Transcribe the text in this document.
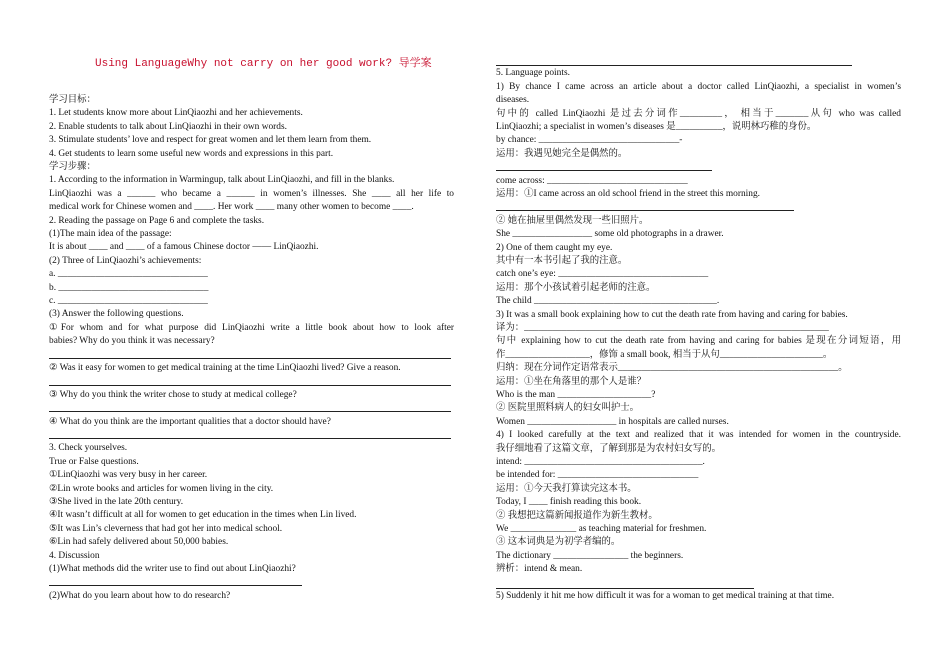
Using LanguageWhy not carry on her good work? 导学案
学习目标：
1. Let students know more about LinQiaozhi and her achievements.
2. Enable students to talk about LinQiaozhi in their own words.
3. Stimulate students’ love and respect for great women and let them learn from them.
4. Get students to learn some useful new words and expressions in this part.
学习步骤：
1. According to the information in Warmingup, talk about LinQiaozhi, and fill in the blanks.
LinQiaozhi was a ______ who became a ______ in women’s illnesses. She ____ all her life to
medical work for Chinese women and ____. Her work ____ many other women to become ____.
2. Reading the passage on Page 6 and complete the tasks.
(1)The main idea of the passage:
It is about ____ and ____ of a famous Chinese doctor —— LinQiaozhi.
(2) Three of LinQiaozhi’s achievements:
a. ________________________________
b. ________________________________
c. ________________________________
(3) Answer the following questions.
①For whom and for what purpose did LinQiaozhi write a little book about how to look after
babies? Why do you think it was necessary?
② Was it easy for women to get medical training at the time LinQiaozhi lived? Give a reason.
③ Why do you think the writer chose to study at medical college?
④ What do you think are the important qualities that a doctor should have?
3. Check yourselves.
True or False questions.
①LinQiaozhi was very busy in her career.
②Lin wrote books and articles for women living in the city.
③She lived in the late 20th century.
④It wasn’t difficult at all for women to get education in the times when Lin lived.
⑤It was Lin’s cleverness that had got her into medical school.
⑥Lin had safely delivered about 50,000 babies.
4. Discussion
(1)What methods did the writer use to find out about LinQiaozhi?
(2)What do you learn about how to do research?
5. Language points.
1) By chance I came across an article about a doctor called LinQiaozhi, a specialist in women’s
diseases.
句中的 called LinQiaozhi 是过去分词作_________， 相当于_______从句 who was called
LinQiaozhi; a specialist in women’s diseases 是__________，说明林巧稚的身份。
by chance: ______________________________-
运用：我遇见她完全是偶然的。
come across: ______________________________
运用：①I came across an old school friend in the street this morning.
② 她在抽屉里偶然发现一些旧照片。
She _________________ some old photographs in a drawer.
2) One of them caught my eye.
其中有一本书引起了我的注意。
catch one’s eye: ________________________________
运用：那个小孩试着引起老师的注意。
The child _______________________________________.
3) It was a small book explaining how to cut the death rate from having and caring for babies.
译为：_________________________________________________________________
句中 explaining how to cut the death rate from having and caring for babies 是现在分词短语，用
作__________________，修饰 a small book, 相当于从句______________________。
归纳：现在分词作定语常表示_______________________________________________。
运用：①坐在角落里的那个人是谁？
Who is the man ____________________?
② 医院里照料病人的妇女叫护士。
Women ___________________ in hospitals are called nurses.
4) I looked carefully at the text and realized that it was intended for women in the countryside.
我仔细地看了这篇文章，了解到那是为农村妇女写的。
intend: ______________________________________.
be intended for: ______________________________
运用：①今天我打算读完这本书。
Today, I ____ finish reading this book.
② 我想把这篇新闻报道作为新生教材。
We ______________ as teaching material for freshmen.
③ 这本词典是为初学者编的。
The dictionary ________________ the beginners.
辨析：intend & mean.
5) Suddenly it hit me how difficult it was for a woman to get medical training at that time.
